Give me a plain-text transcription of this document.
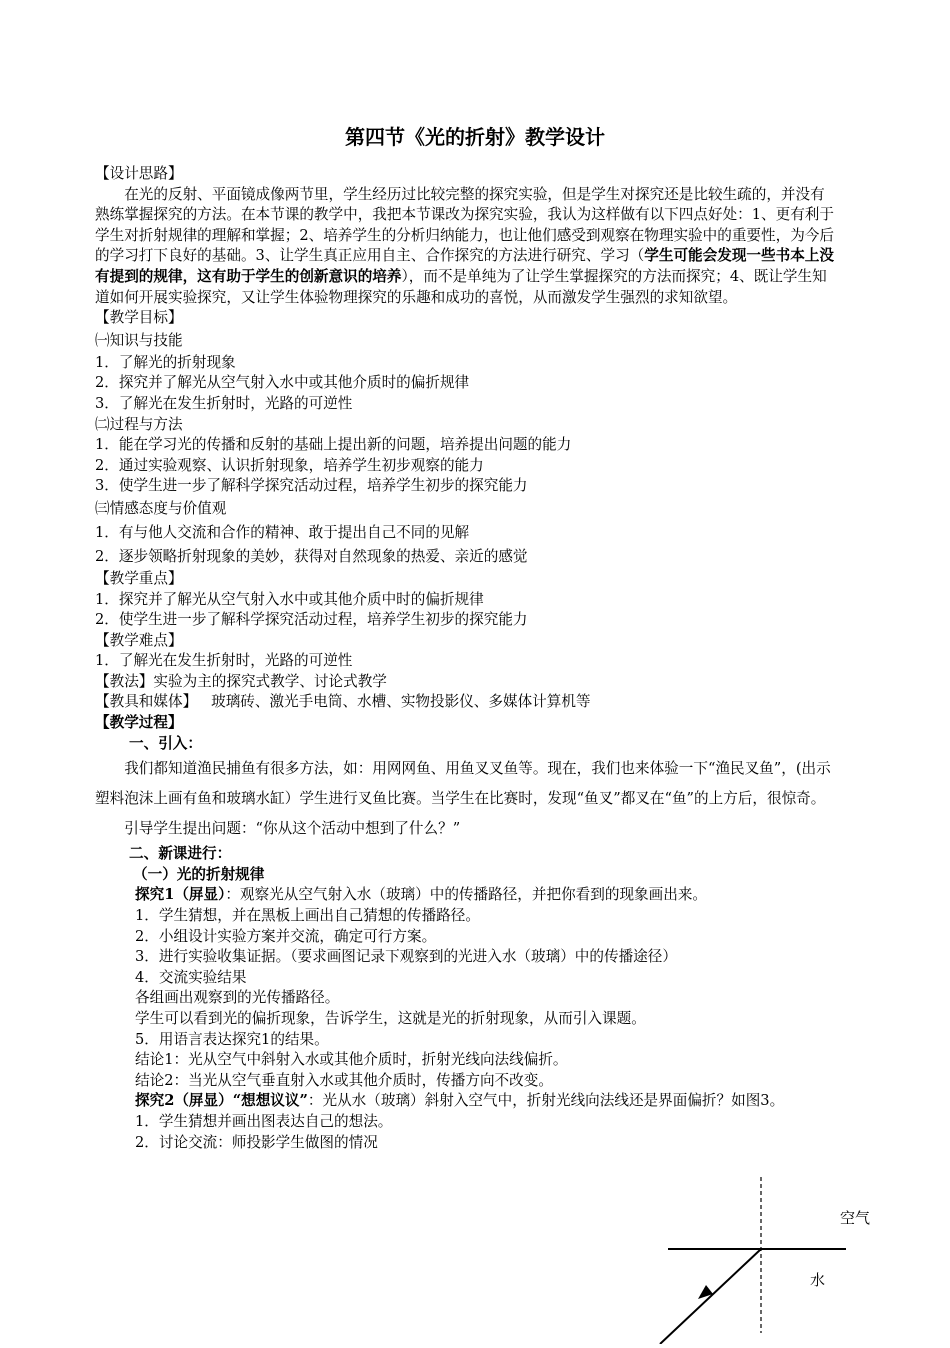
第四节《光的折射》教学设计

【设计思路】

在光的反射、平面镜成像两节里，学生经历过比较完整的探究实验，但是学生对探究还是比较生疏的，并没有熟练掌握探究的方法。在本节课的教学中，我把本节课改为探究实验，我认为这样做有以下四点好处：1、更有利于学生对折射规律的理解和掌握；2、培养学生的分析归纳能力，也让他们感受到观察在物理实验中的重要性，为今后的学习打下良好的基础。3、让学生真正应用自主、合作探究的方法进行研究、学习（学生可能会发现一些书本上没有提到的规律，这有助于学生的创新意识的培养），而不是单纯为了让学生掌握探究的方法而探究；4、既让学生知道如何开展实验探究，又让学生体验物理探究的乐趣和成功的喜悦，从而激发学生强烈的求知欲望。

【教学目标】

㈠知识与技能

1．了解光的折射现象

2．探究并了解光从空气射入水中或其他介质时的偏折规律

3．了解光在发生折射时，光路的可逆性

㈡过程与方法

1．能在学习光的传播和反射的基础上提出新的问题，培养提出问题的能力

2．通过实验观察、认识折射现象，培养学生初步观察的能力

3．使学生进一步了解科学探究活动过程，培养学生初步的探究能力

㈢情感态度与价值观

1．有与他人交流和合作的精神、敢于提出自己不同的见解

2．逐步领略折射现象的美妙，获得对自然现象的热爱、亲近的感觉

【教学重点】

1．探究并了解光从空气射入水中或其他介质中时的偏折规律

2．使学生进一步了解科学探究活动过程，培养学生初步的探究能力

【教学难点】

1．了解光在发生折射时，光路的可逆性

【教法】实验为主的探究式教学、讨论式教学

【教具和媒体】 玻璃砖、激光手电筒、水槽、实物投影仪、多媒体计算机等

【教学过程】

一、引入：

我们都知道渔民捕鱼有很多方法，如：用网网鱼、用鱼叉叉鱼等。现在，我们也来体验一下“渔民叉鱼”，(出示塑料泡沫上画有鱼和玻璃水缸）学生进行叉鱼比赛。当学生在比赛时，发现“鱼叉”都叉在“鱼”的上方后，很惊奇。

引导学生提出问题：“你从这个活动中想到了什么？”

二、新课进行：

（一）光的折射规律

探究1（屏显）：观察光从空气射入水（玻璃）中的传播路径，并把你看到的现象画出来。

1．学生猜想，并在黑板上画出自己猜想的传播路径。

2．小组设计实验方案并交流，确定可行方案。

3．进行实验收集证据。（要求画图记录下观察到的光进入水（玻璃）中的传播途径）

4．交流实验结果

各组画出观察到的光传播路径。

学生可以看到光的偏折现象，告诉学生，这就是光的折射现象，从而引入课题。

5．用语言表达探究1的结果。

结论1：光从空气中斜射入水或其他介质时，折射光线向法线偏折。

结论2：当光从空气垂直射入水或其他介质时，传播方向不改变。

探究2（屏显）“想想议议”：光从水（玻璃）斜射入空气中，折射光线向法线还是界面偏折？如图3。

1．学生猜想并画出图表达自己的想法。

2．讨论交流：师投影学生做图的情况

空气
水
